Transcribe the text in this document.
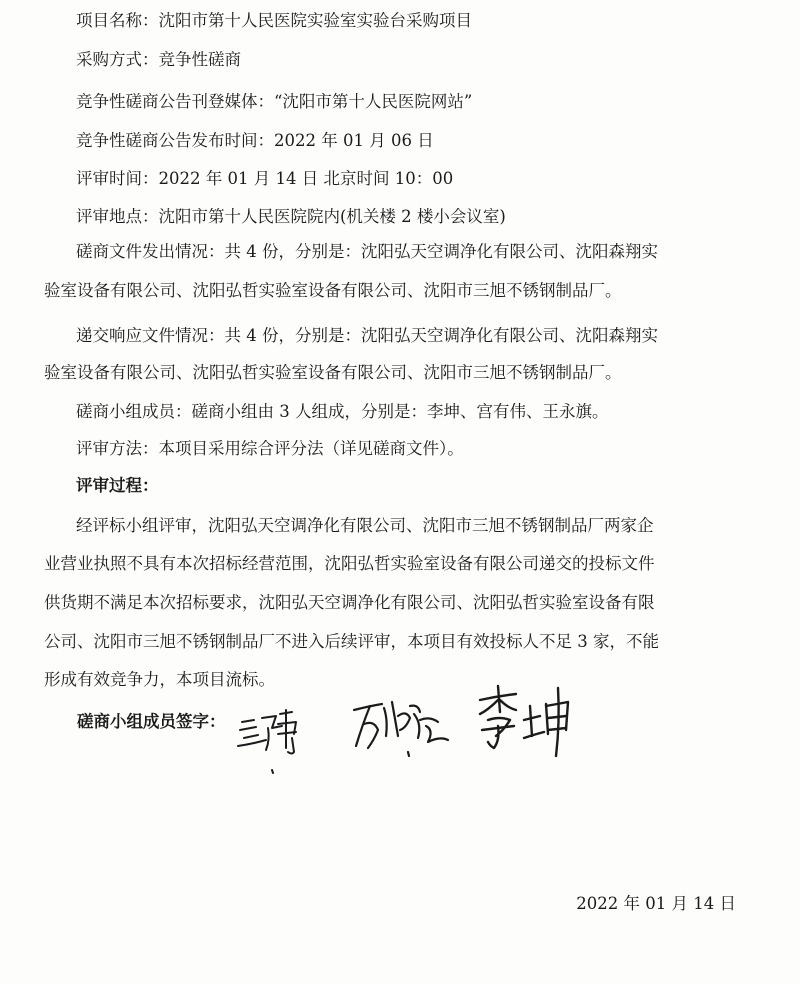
项目名称：沈阳市第十人民医院实验室实验台采购项目
采购方式：竞争性磋商
竞争性磋商公告刊登媒体：“沈阳市第十人民医院网站”
竞争性磋商公告发布时间：2022 年 01 月 06 日
评审时间：2022 年 01 月 14 日 北京时间 10：00
评审地点：沈阳市第十人民医院院内(机关楼 2 楼小会议室)
磋商文件发出情况：共 4 份，分别是：沈阳弘天空调净化有限公司、沈阳森翔实
验室设备有限公司、沈阳弘哲实验室设备有限公司、沈阳市三旭不锈钢制品厂。
递交响应文件情况：共 4 份，分别是：沈阳弘天空调净化有限公司、沈阳森翔实
验室设备有限公司、沈阳弘哲实验室设备有限公司、沈阳市三旭不锈钢制品厂。
磋商小组成员：磋商小组由 3 人组成，分别是：李坤、宫有伟、王永旗。
评审方法：本项目采用综合评分法（详见磋商文件）。
评审过程：
经评标小组评审，沈阳弘天空调净化有限公司、沈阳市三旭不锈钢制品厂两家企
业营业执照不具有本次招标经营范围，沈阳弘哲实验室设备有限公司递交的投标文件
供货期不满足本次招标要求，沈阳弘天空调净化有限公司、沈阳弘哲实验室设备有限
公司、沈阳市三旭不锈钢制品厂不进入后续评审，本项目有效投标人不足 3 家，不能
形成有效竞争力，本项目流标。
磋商小组成员签字：
2022 年 01 月 14 日
